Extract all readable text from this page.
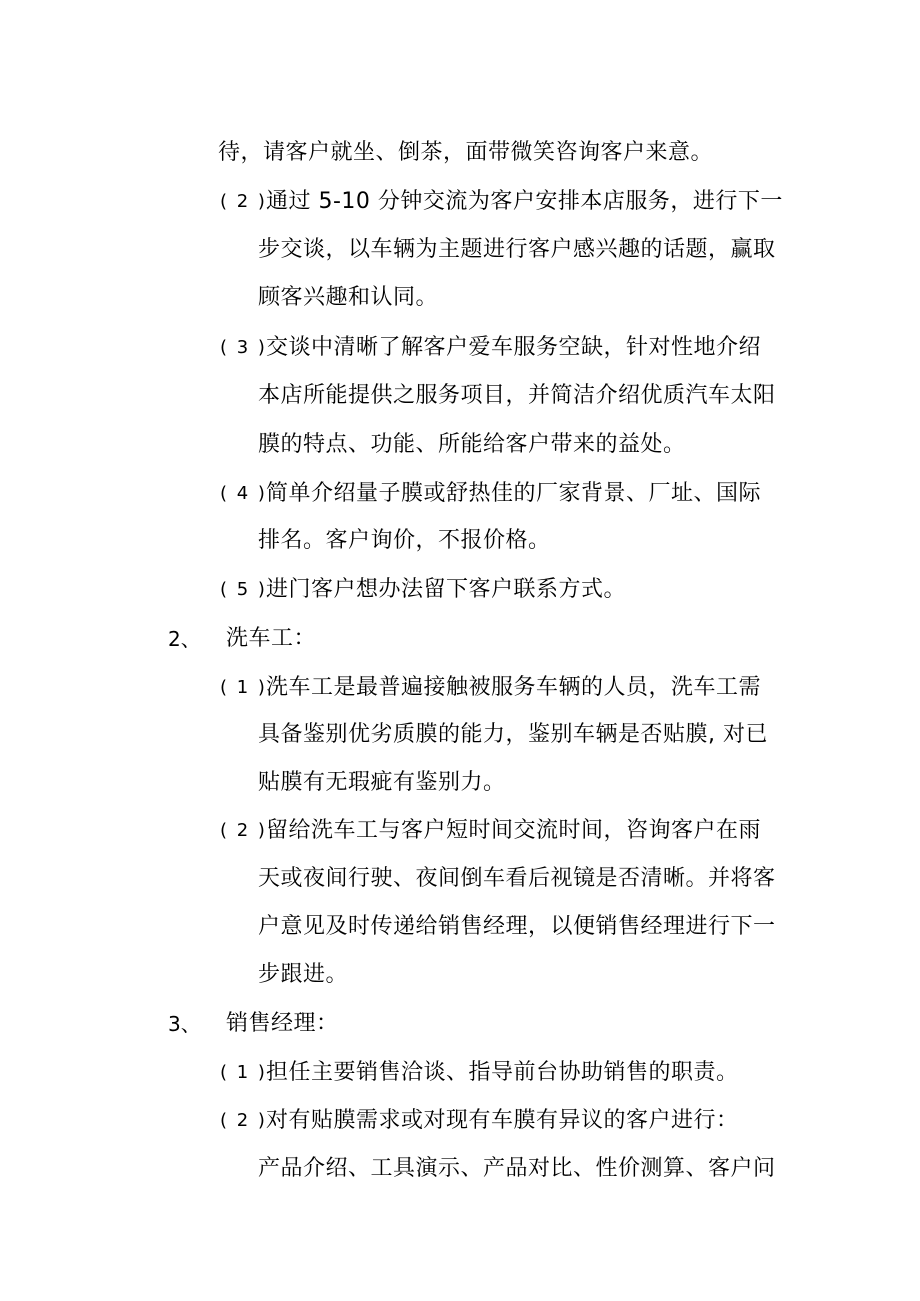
待，请客户就坐、倒茶，面带微笑咨询客户来意。
( 2 ) 通过 5-10 分钟交流为客户安排本店服务，进行下一
步交谈，以车辆为主题进行客户感兴趣的话题，赢取
顾客兴趣和认同。
( 3 ) 交谈中清晰了解客户爱车服务空缺，针对性地介绍
本店所能提供之服务项目，并简洁介绍优质汽车太阳
膜的特点、功能、所能给客户带来的益处。
( 4 ) 简单介绍量子膜或舒热佳的厂家背景、厂址、国际
排名。客户询价，不报价格。
( 5 ) 进门客户想办法留下客户联系方式。
2、 洗车工：
( 1 ) 洗车工是最普遍接触被服务车辆的人员，洗车工需
具备鉴别优劣质膜的能力，鉴别车辆是否贴膜, 对已
贴膜有无瑕疵有鉴别力。
( 2 ) 留给洗车工与客户短时间交流时间，咨询客户在雨
天或夜间行驶、夜间倒车看后视镜是否清晰。并将客
户意见及时传递给销售经理，以便销售经理进行下一
步跟进。
3、 销售经理：
( 1 ) 担任主要销售洽谈、指导前台协助销售的职责。
( 2 ) 对有贴膜需求或对现有车膜有异议的客户进行：
产品介绍、工具演示、产品对比、性价测算、客户问
